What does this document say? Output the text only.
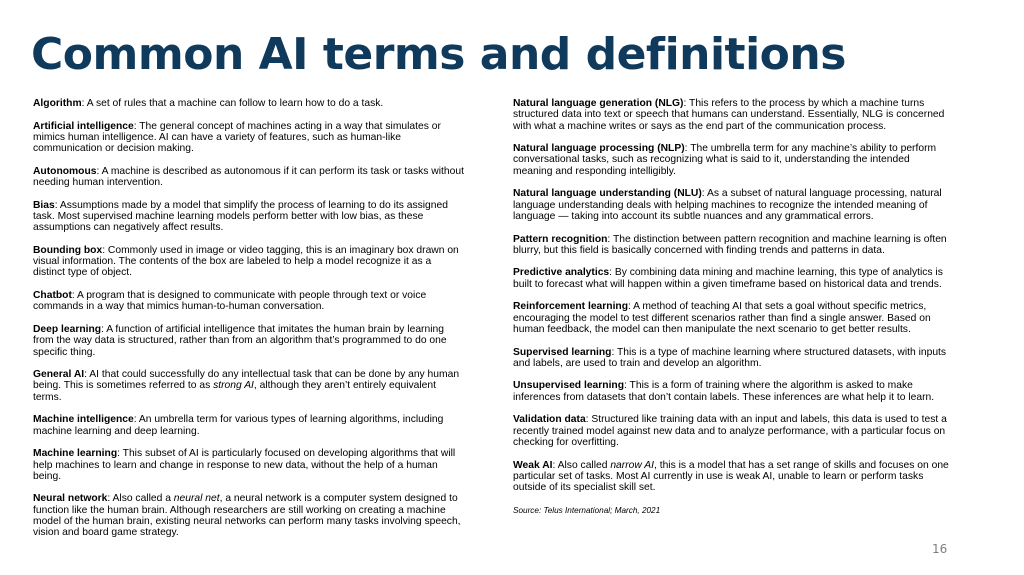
Common AI terms and definitions

Algorithm: A set of rules that a machine can follow to learn how to do a task.

Artificial intelligence: The general concept of machines acting in a way that simulates or mimics human intelligence. AI can have a variety of features, such as human-like communication or decision making.

Autonomous: A machine is described as autonomous if it can perform its task or tasks without needing human intervention.

Bias: Assumptions made by a model that simplify the process of learning to do its assigned task. Most supervised machine learning models perform better with low bias, as these assumptions can negatively affect results.

Bounding box: Commonly used in image or video tagging, this is an imaginary box drawn on visual information. The contents of the box are labeled to help a model recognize it as a distinct type of object.

Chatbot: A program that is designed to communicate with people through text or voice commands in a way that mimics human-to-human conversation.

Deep learning: A function of artificial intelligence that imitates the human brain by learning from the way data is structured, rather than from an algorithm that’s programmed to do one specific thing.

General AI: AI that could successfully do any intellectual task that can be done by any human being. This is sometimes referred to as strong AI, although they aren’t entirely equivalent terms.

Machine intelligence: An umbrella term for various types of learning algorithms, including machine learning and deep learning.

Machine learning: This subset of AI is particularly focused on developing algorithms that will help machines to learn and change in response to new data, without the help of a human being.

Neural network: Also called a neural net, a neural network is a computer system designed to function like the human brain. Although researchers are still working on creating a machine model of the human brain, existing neural networks can perform many tasks involving speech, vision and board game strategy.

Natural language generation (NLG): This refers to the process by which a machine turns structured data into text or speech that humans can understand. Essentially, NLG is concerned with what a machine writes or says as the end part of the communication process.

Natural language processing (NLP): The umbrella term for any machine’s ability to perform conversational tasks, such as recognizing what is said to it, understanding the intended meaning and responding intelligibly.

Natural language understanding (NLU): As a subset of natural language processing, natural language understanding deals with helping machines to recognize the intended meaning of language — taking into account its subtle nuances and any grammatical errors.

Pattern recognition: The distinction between pattern recognition and machine learning is often blurry, but this field is basically concerned with finding trends and patterns in data.

Predictive analytics: By combining data mining and machine learning, this type of analytics is built to forecast what will happen within a given timeframe based on historical data and trends.

Reinforcement learning: A method of teaching AI that sets a goal without specific metrics, encouraging the model to test different scenarios rather than find a single answer. Based on human feedback, the model can then manipulate the next scenario to get better results.

Supervised learning: This is a type of machine learning where structured datasets, with inputs and labels, are used to train and develop an algorithm.

Unsupervised learning: This is a form of training where the algorithm is asked to make inferences from datasets that don’t contain labels. These inferences are what help it to learn.

Validation data: Structured like training data with an input and labels, this data is used to test a recently trained model against new data and to analyze performance, with a particular focus on checking for overfitting.

Weak AI: Also called narrow AI, this is a model that has a set range of skills and focuses on one particular set of tasks. Most AI currently in use is weak AI, unable to learn or perform tasks outside of its specialist skill set.

Source: Telus International; March, 2021
16
